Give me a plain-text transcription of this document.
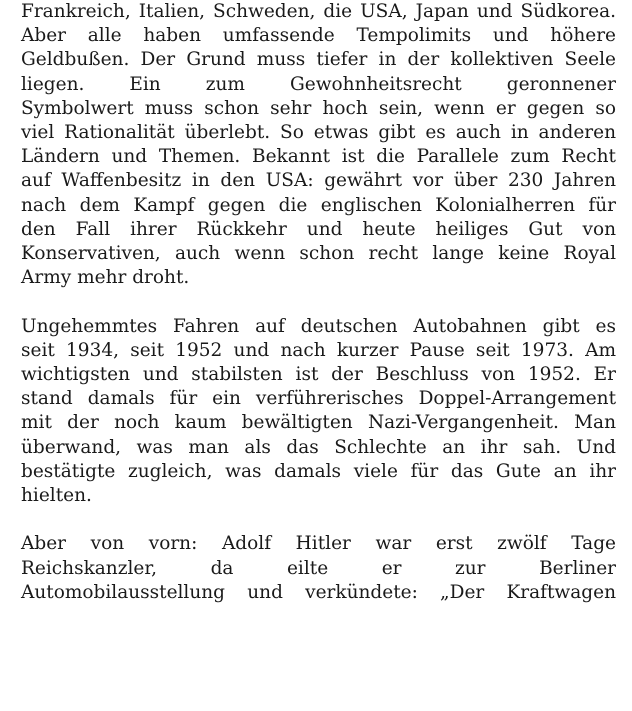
Frankreich, Italien, Schweden, die USA, Japan und Südkorea.
Aber alle haben umfassende Tempolimits und höhere
Geldbußen. Der Grund muss tiefer in der kollektiven Seele
liegen. Ein zum Gewohnheitsrecht geronnener
Symbolwert muss schon sehr hoch sein, wenn er gegen so
viel Rationalität überlebt. So etwas gibt es auch in anderen
Ländern und Themen. Bekannt ist die Parallele zum Recht
auf Waffenbesitz in den USA: gewährt vor über 230 Jahren
nach dem Kampf gegen die englischen Kolonialherren für
den Fall ihrer Rückkehr und heute heiliges Gut von
Konservativen, auch wenn schon recht lange keine Royal
Army mehr droht.

Ungehemmtes Fahren auf deutschen Autobahnen gibt es
seit 1934, seit 1952 und nach kurzer Pause seit 1973. Am
wichtigsten und stabilsten ist der Beschluss von 1952. Er
stand damals für ein verführerisches Doppel-Arrangement
mit der noch kaum bewältigten Nazi-Vergangenheit. Man
überwand, was man als das Schlechte an ihr sah. Und
bestätigte zugleich, was damals viele für das Gute an ihr
hielten.

Aber von vorn: Adolf Hitler war erst zwölf Tage
Reichskanzler, da eilte er zur Berliner
Automobilausstellung und verkündete: „Der Kraftwagen
